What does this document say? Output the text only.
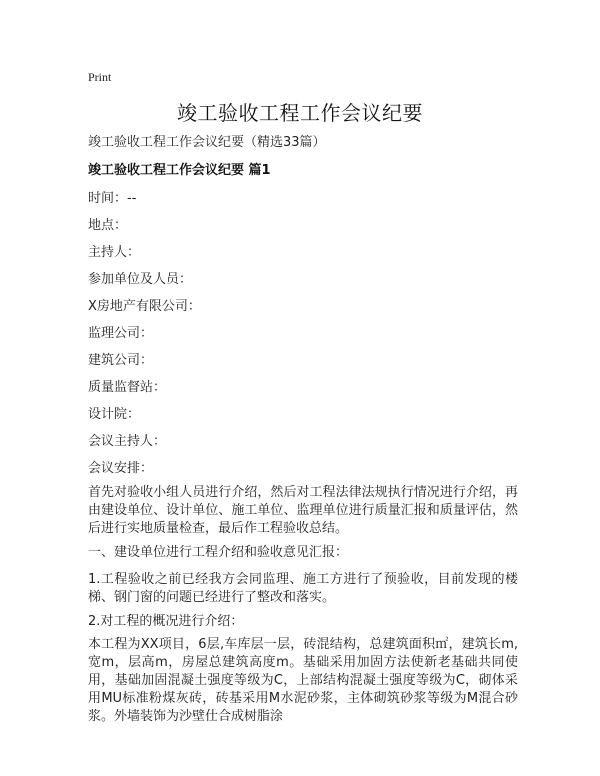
Print
竣工验收工程工作会议纪要
竣工验收工程工作会议纪要（精选33篇）
竣工验收工程工作会议纪要 篇1
时间：--
地点：
主持人：
参加单位及人员：
X房地产有限公司：
监理公司：
建筑公司：
质量监督站：
设计院：
会议主持人：
会议安排：
首先对验收小组人员进行介绍，然后对工程法律法规执行情况进行介绍，再由建设单位、设计单位、施工单位、监理单位进行质量汇报和质量评估，然后进行实地质量检查，最后作工程验收总结。
一、建设单位进行工程介绍和验收意见汇报：
1.工程验收之前已经我方会同监理、施工方进行了预验收，目前发现的楼梯、钢门窗的问题已经进行了整改和落实。
2.对工程的概况进行介绍：
本工程为XX项目，6层,车库层一层，砖混结构，总建筑面积㎡，建筑长m,宽m，层高m，房屋总建筑高度m。基础采用加固方法使新老基础共同使用，基础加固混凝土强度等级为C，上部结构混凝土强度等级为C，砌体采用MU标准粉煤灰砖，砖基采用M水泥砂浆，主体砌筑砂浆等级为M混合砂浆。外墙装饰为沙壁仕合成树脂涂
